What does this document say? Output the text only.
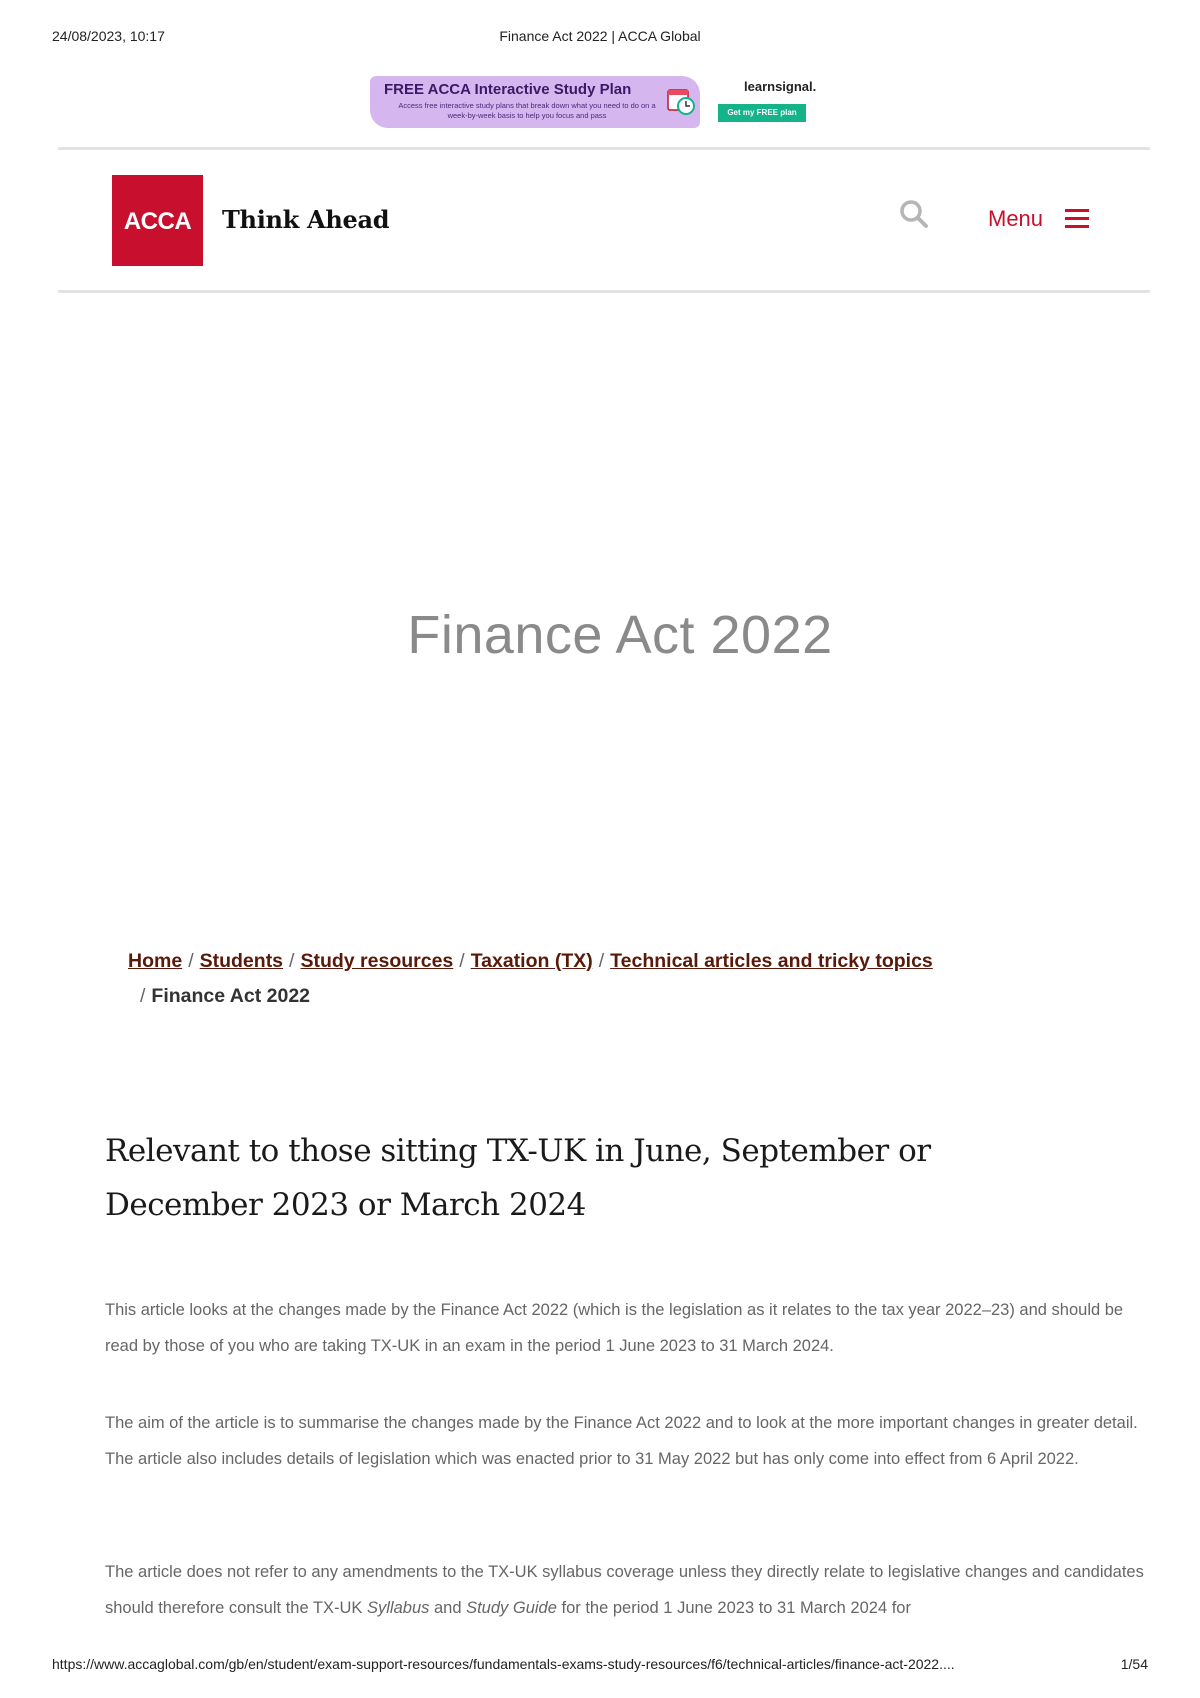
24/08/2023, 10:17	Finance Act 2022 | ACCA Global
FREE ACCA Interactive Study Plan
Access free interactive study plans that break down what you need to do on a week-by-week basis to help you focus and pass
learnsignal.
Get my FREE plan now!
ACCA	Think Ahead	Menu
Finance Act 2022
Home / Students / Study resources / Taxation (TX) / Technical articles and tricky topics
/ Finance Act 2022
Relevant to those sitting TX-UK in June, September or
December 2023 or March 2024

This article looks at the changes made by the Finance Act 2022 (which is the legislation as it relates to the tax year 2022–23) and should be read by those of you who are taking TX-UK in an exam in the period 1 June 2023 to 31 March 2024.

The aim of the article is to summarise the changes made by the Finance Act 2022 and to look at the more important changes in greater detail. The article also includes details of legislation which was enacted prior to 31 May 2022 but has only come into effect from 6 April 2022.

The article does not refer to any amendments to the TX-UK syllabus coverage unless they directly relate to legislative changes and candidates should therefore consult the TX-UK Syllabus and Study Guide for the period 1 June 2023 to 31 March 2024 for

https://www.accaglobal.com/gb/en/student/exam-support-resources/fundamentals-exams-study-resources/f6/technical-articles/finance-act-2022....	1/54
